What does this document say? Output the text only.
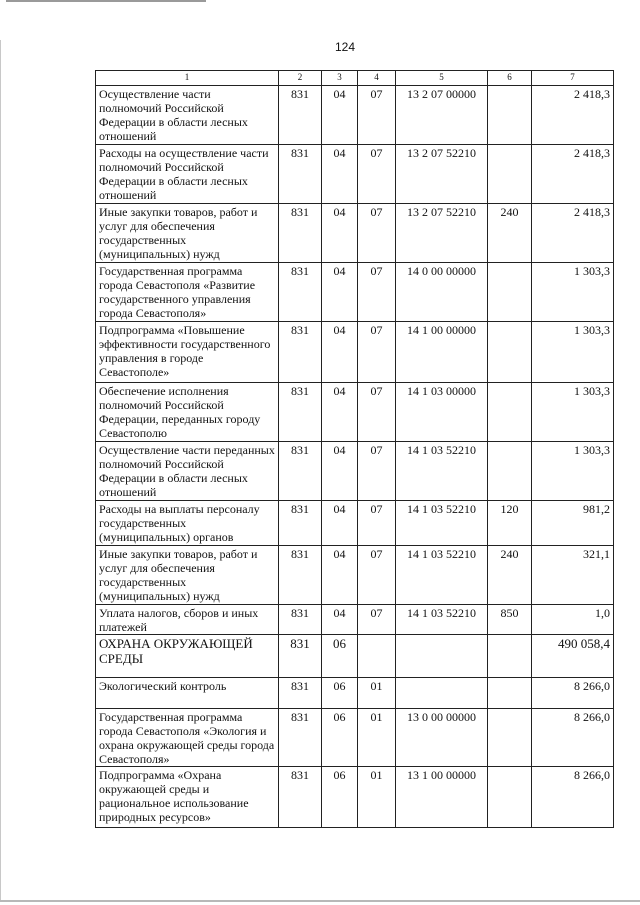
124
1	2	3	4	5	6	7
Осуществление части полномочий Российской Федерации в области лесных отношений	831	04	07	13 2 07 00000		2 418,3
Расходы на осуществление части полномочий Российской Федерации в области лесных отношений	831	04	07	13 2 07 52210		2 418,3
Иные закупки товаров, работ и услуг для обеспечения государственных (муниципальных) нужд	831	04	07	13 2 07 52210	240	2 418,3
Государственная программа города Севастополя «Развитие государственного управления города Севастополя»	831	04	07	14 0 00 00000		1 303,3
Подпрограмма «Повышение эффективности государственного управления в городе Севастополе»	831	04	07	14 1 00 00000		1 303,3
Обеспечение исполнения полномочий Российской Федерации, переданных городу Севастополю	831	04	07	14 1 03 00000		1 303,3
Осуществление части переданных полномочий Российской Федерации в области лесных отношений	831	04	07	14 1 03 52210		1 303,3
Расходы на выплаты персоналу государственных (муниципальных) органов	831	04	07	14 1 03 52210	120	981,2
Иные закупки товаров, работ и услуг для обеспечения государственных (муниципальных) нужд	831	04	07	14 1 03 52210	240	321,1
Уплата налогов, сборов и иных платежей	831	04	07	14 1 03 52210	850	1,0
ОХРАНА ОКРУЖАЮЩЕЙ СРЕДЫ	831	06				490 058,4
Экологический контроль	831	06	01			8 266,0
Государственная программа города Севастополя «Экология и охрана окружающей среды города Севастополя»	831	06	01	13 0 00 00000		8 266,0
Подпрограмма «Охрана окружающей среды и рациональное использование природных ресурсов»	831	06	01	13 1 00 00000		8 266,0
